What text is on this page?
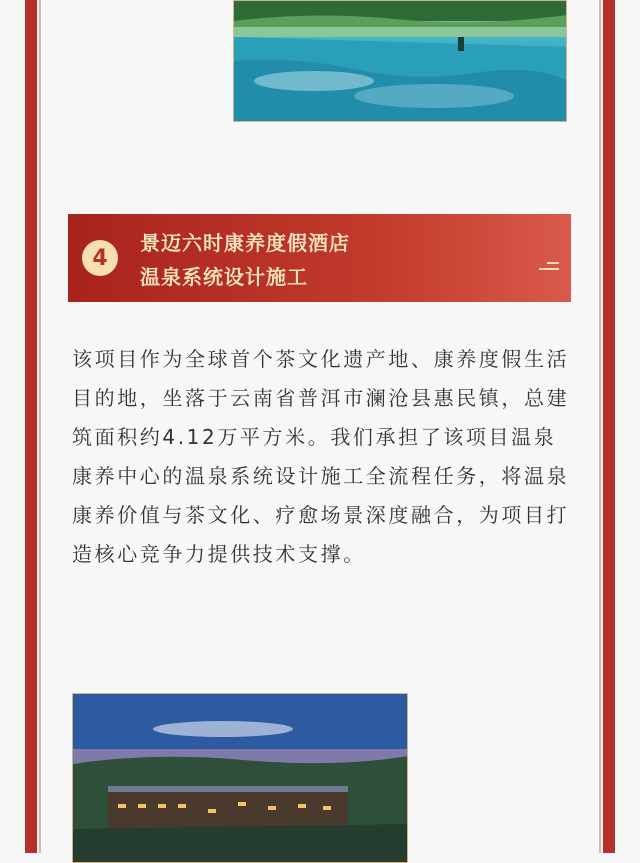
4
景迈六时康养度假酒店
温泉系统设计施工

该项目作为全球首个茶文化遗产地、康养度假生活目的地，坐落于云南省普洱市澜沧县惠民镇，总建筑面积约4.12万平方米。我们承担了该项目温泉康养中心的温泉系统设计施工全流程任务，将温泉康养价值与茶文化、疗愈场景深度融合，为项目打造核心竞争力提供技术支撑。
